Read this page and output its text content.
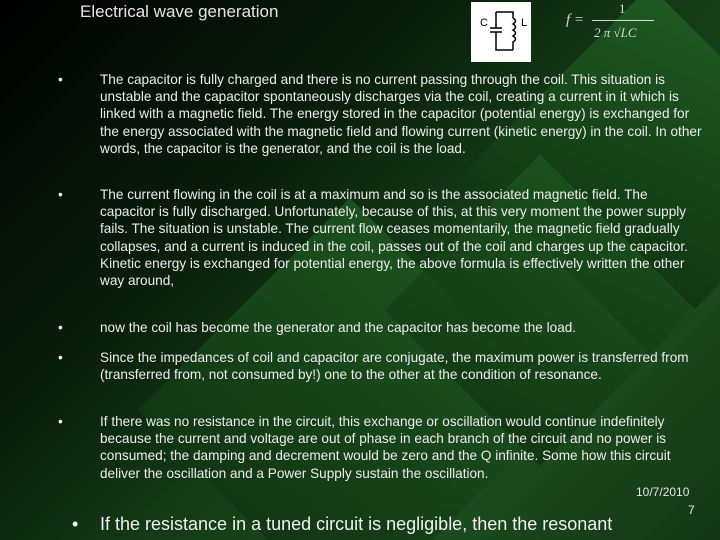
Electrical wave generation
C	L	f =
1
2 π √LC
•	The capacitor is fully charged and there is no current passing through the coil. This situation is unstable and the capacitor spontaneously discharges via the coil, creating a current in it which is linked with a magnetic field. The energy stored in the capacitor (potential energy) is exchanged for the energy associated with the magnetic field and flowing current (kinetic energy) in the coil. In other words, the capacitor is the generator, and the coil is the load.
•	The current flowing in the coil is at a maximum and so is the associated magnetic field. The capacitor is fully discharged. Unfortunately, because of this, at this very moment the power supply fails. The situation is unstable. The current flow ceases momentarily, the magnetic field gradually collapses, and a current is induced in the coil, passes out of the coil and charges up the capacitor. Kinetic energy is exchanged for potential energy, the above formula is effectively written the other way around,
•	now the coil has become the generator and the capacitor has become the load.
•	Since the impedances of coil and capacitor are conjugate, the maximum power is transferred from (transferred from, not consumed by!) one to the other at the condition of resonance.
•	If there was no resistance in the circuit, this exchange or oscillation would continue indefinitely because the current and voltage are out of phase in each branch of the circuit and no power is consumed; the damping and decrement would be zero and the Q infinite. Some how this circuit deliver the oscillation and a Power Supply sustain the oscillation.
10/7/2010
7
• If the resistance in a tuned circuit is negligible, then the resonant
